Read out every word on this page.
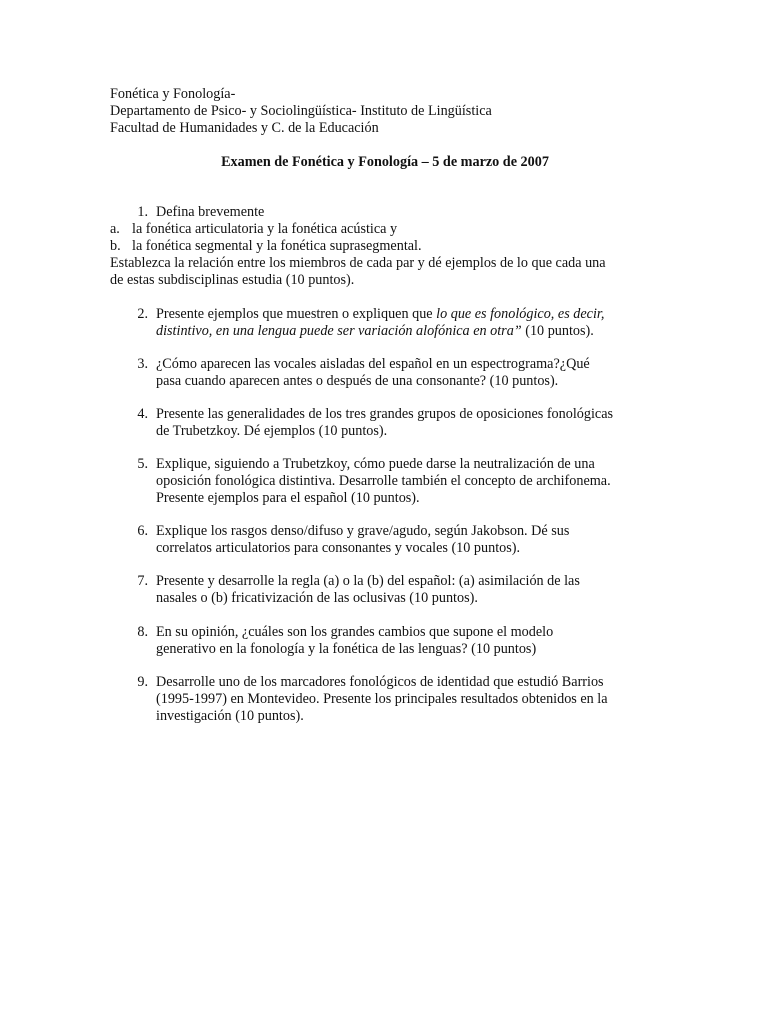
Fonética y Fonología-
Departamento de Psico- y Sociolingüística- Instituto de Lingüística
Facultad de Humanidades y C. de la Educación
Examen de Fonética y Fonología – 5 de marzo de 2007
1. Defina brevemente
a. la fonética articulatoria y la fonética acústica y
b. la fonética segmental y la fonética suprasegmental.
Establezca la relación entre los miembros de cada par y dé ejemplos de lo que cada una
de estas subdisciplinas estudia (10 puntos).
2. Presente ejemplos que muestren o expliquen que lo que es fonológico, es decir,
distintivo, en una lengua puede ser variación alofónica en otra” (10 puntos).
3. ¿Cómo aparecen las vocales aisladas del español en un espectrograma?¿Qué
pasa cuando aparecen antes o después de una consonante? (10 puntos).
4. Presente las generalidades de los tres grandes grupos de oposiciones fonológicas
de Trubetzkoy. Dé ejemplos (10 puntos).
5. Explique, siguiendo a Trubetzkoy, cómo puede darse la neutralización de una
oposición fonológica distintiva. Desarrolle también el concepto de archifonema.
Presente ejemplos para el español (10 puntos).
6. Explique los rasgos denso/difuso y grave/agudo, según Jakobson. Dé sus
correlatos articulatorios para consonantes y vocales (10 puntos).
7. Presente y desarrolle la regla (a) o la (b) del español: (a) asimilación de las
nasales o (b) fricativización de las oclusivas (10 puntos).
8. En su opinión, ¿cuáles son los grandes cambios que supone el modelo
generativo en la fonología y la fonética de las lenguas? (10 puntos)
9. Desarrolle uno de los marcadores fonológicos de identidad que estudió Barrios
(1995-1997) en Montevideo. Presente los principales resultados obtenidos en la
investigación (10 puntos).
